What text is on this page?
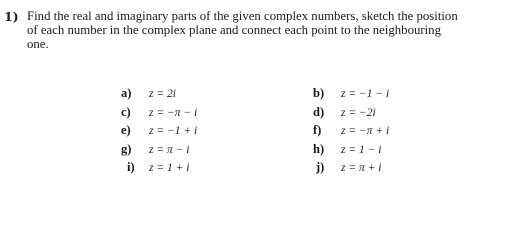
1) Find the real and imaginary parts of the given complex numbers, sketch the position
of each number in the complex plane and connect each point to the neighbouring
one.
a) z = 2i
c) z = −π − i
e) z = −1 + i
g) z = π − i
i) z = 1 + i
b) z = −1 − i
d) z = −2i
f) z = −π + i
h) z = 1 − i
j) z = π + i
